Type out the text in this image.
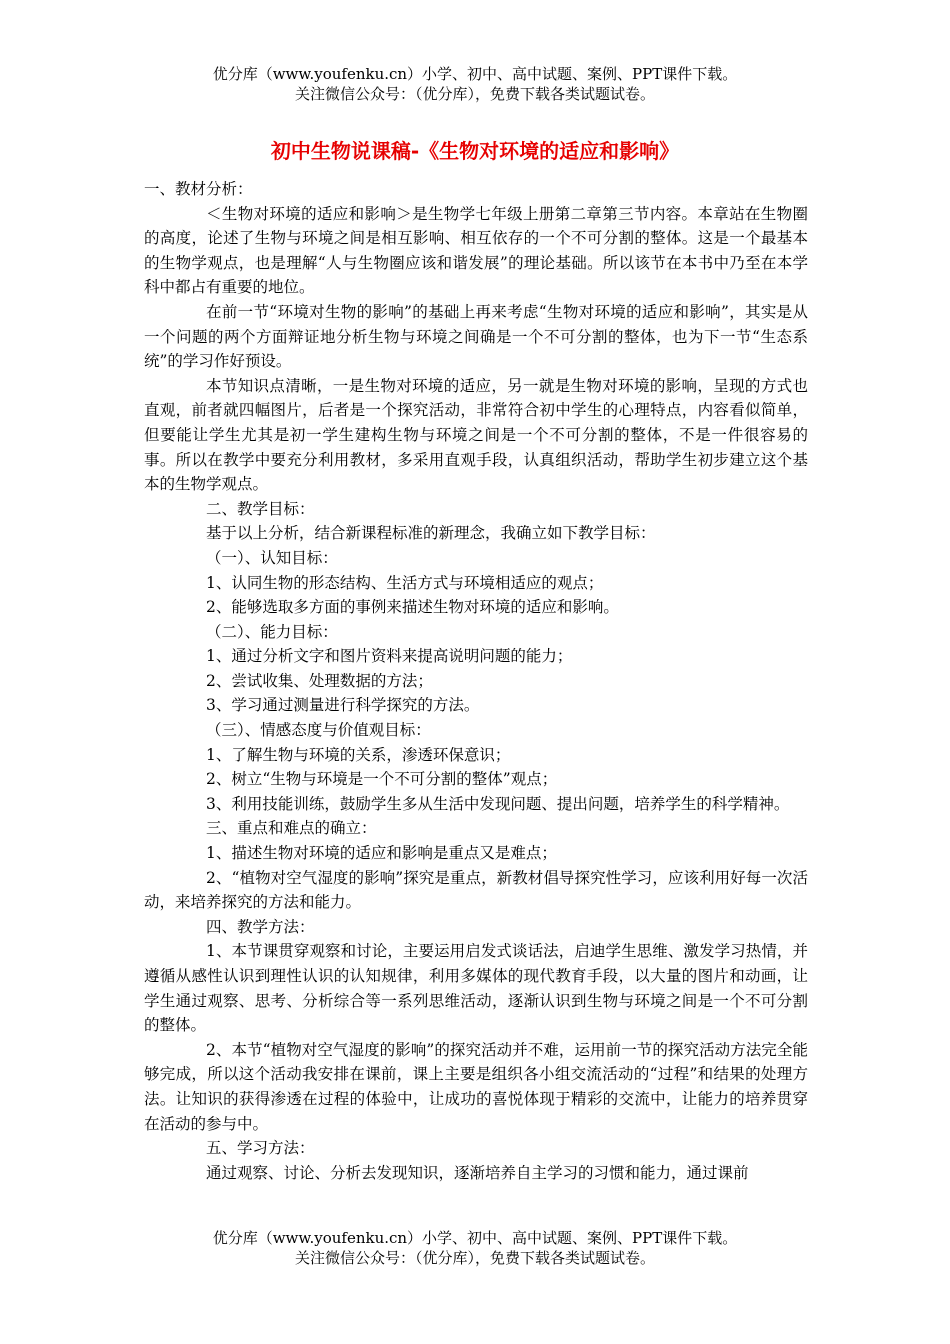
优分库（www.youfenku.cn）小学、初中、高中试题、案例、PPT课件下载。
关注微信公众号：（优分库），免费下载各类试题试卷。
初中生物说课稿-《生物对环境的适应和影响》

一、教材分析：

＜生物对环境的适应和影响＞是生物学七年级上册第二章第三节内容。本章站在生物圈的高度，论述了生物与环境之间是相互影响、相互依存的一个不可分割的整体。这是一个最基本的生物学观点，也是理解“人与生物圈应该和谐发展”的理论基础。所以该节在本书中乃至在本学科中都占有重要的地位。

在前一节“环境对生物的影响”的基础上再来考虑“生物对环境的适应和影响”，其实是从一个问题的两个方面辩证地分析生物与环境之间确是一个不可分割的整体，也为下一节“生态系统”的学习作好预设。

本节知识点清晰，一是生物对环境的适应，另一就是生物对环境的影响，呈现的方式也直观，前者就四幅图片，后者是一个探究活动，非常符合初中学生的心理特点，内容看似简单，但要能让学生尤其是初一学生建构生物与环境之间是一个不可分割的整体，不是一件很容易的事。所以在教学中要充分利用教材，多采用直观手段，认真组织活动，帮助学生初步建立这个基本的生物学观点。

二、教学目标：

基于以上分析，结合新课程标准的新理念，我确立如下教学目标：

（一）、认知目标：

1、认同生物的形态结构、生活方式与环境相适应的观点；

2、能够选取多方面的事例来描述生物对环境的适应和影响。

（二）、能力目标：

1、通过分析文字和图片资料来提高说明问题的能力；

2、尝试收集、处理数据的方法；

3、学习通过测量进行科学探究的方法。

（三）、情感态度与价值观目标：

1、了解生物与环境的关系，渗透环保意识；

2、树立“生物与环境是一个不可分割的整体”观点；

3、利用技能训练，鼓励学生多从生活中发现问题、提出问题，培养学生的科学精神。

三、重点和难点的确立：

1、描述生物对环境的适应和影响是重点又是难点；

2、“植物对空气湿度的影响”探究是重点，新教材倡导探究性学习，应该利用好每一次活动，来培养探究的方法和能力。

四、教学方法：

1、本节课贯穿观察和讨论，主要运用启发式谈话法，启迪学生思维、激发学习热情，并遵循从感性认识到理性认识的认知规律，利用多媒体的现代教育手段，以大量的图片和动画，让学生通过观察、思考、分析综合等一系列思维活动，逐渐认识到生物与环境之间是一个不可分割的整体。

2、本节“植物对空气湿度的影响”的探究活动并不难，运用前一节的探究活动方法完全能够完成，所以这个活动我安排在课前，课上主要是组织各小组交流活动的“过程”和结果的处理方法。让知识的获得渗透在过程的体验中，让成功的喜悦体现于精彩的交流中，让能力的培养贯穿在活动的参与中。

五、学习方法：

通过观察、讨论、分析去发现知识，逐渐培养自主学习的习惯和能力，通过课前

优分库（www.youfenku.cn）小学、初中、高中试题、案例、PPT课件下载。
关注微信公众号：（优分库），免费下载各类试题试卷。
